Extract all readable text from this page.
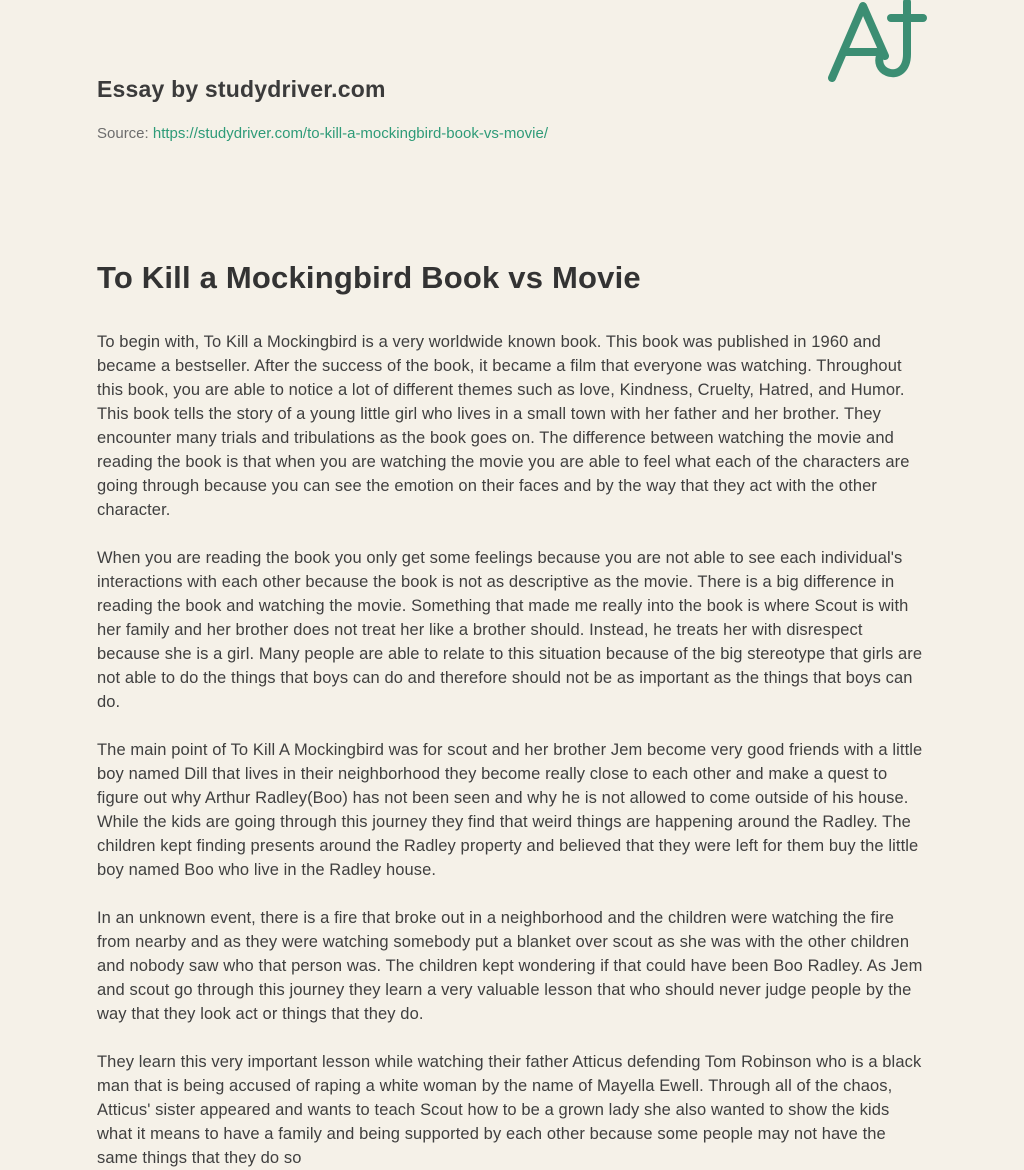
Essay by studydriver.com

Source: https://studydriver.com/to-kill-a-mockingbird-book-vs-movie/

To Kill a Mockingbird Book vs Movie

To begin with, To Kill a Mockingbird is a very worldwide known book. This book was published in 1960 and became a bestseller. After the success of the book, it became a film that everyone was watching. Throughout this book, you are able to notice a lot of different themes such as love, Kindness, Cruelty, Hatred, and Humor. This book tells the story of a young little girl who lives in a small town with her father and her brother. They encounter many trials and tribulations as the book goes on. The difference between watching the movie and reading the book is that when you are watching the movie you are able to feel what each of the characters are going through because you can see the emotion on their faces and by the way that they act with the other character.

When you are reading the book you only get some feelings because you are not able to see each individual's interactions with each other because the book is not as descriptive as the movie. There is a big difference in reading the book and watching the movie. Something that made me really into the book is where Scout is with her family and her brother does not treat her like a brother should. Instead, he treats her with disrespect because she is a girl. Many people are able to relate to this situation because of the big stereotype that girls are not able to do the things that boys can do and therefore should not be as important as the things that boys can do.

The main point of To Kill A Mockingbird was for scout and her brother Jem become very good friends with a little boy named Dill that lives in their neighborhood they become really close to each other and make a quest to figure out why Arthur Radley(Boo) has not been seen and why he is not allowed to come outside of his house. While the kids are going through this journey they find that weird things are happening around the Radley. The children kept finding presents around the Radley property and believed that they were left for them buy the little boy named Boo who live in the Radley house.

In an unknown event, there is a fire that broke out in a neighborhood and the children were watching the fire from nearby and as they were watching somebody put a blanket over scout as she was with the other children and nobody saw who that person was. The children kept wondering if that could have been Boo Radley. As Jem and scout go through this journey they learn a very valuable lesson that who should never judge people by the way that they look act or things that they do.

They learn this very important lesson while watching their father Atticus defending Tom Robinson who is a black man that is being accused of raping a white woman by the name of Mayella Ewell. Through all of the chaos, Atticus' sister appeared and wants to teach Scout how to be a grown lady she also wanted to show the kids what it means to have a family and being supported by each other because some people may not have the same things that they do so
